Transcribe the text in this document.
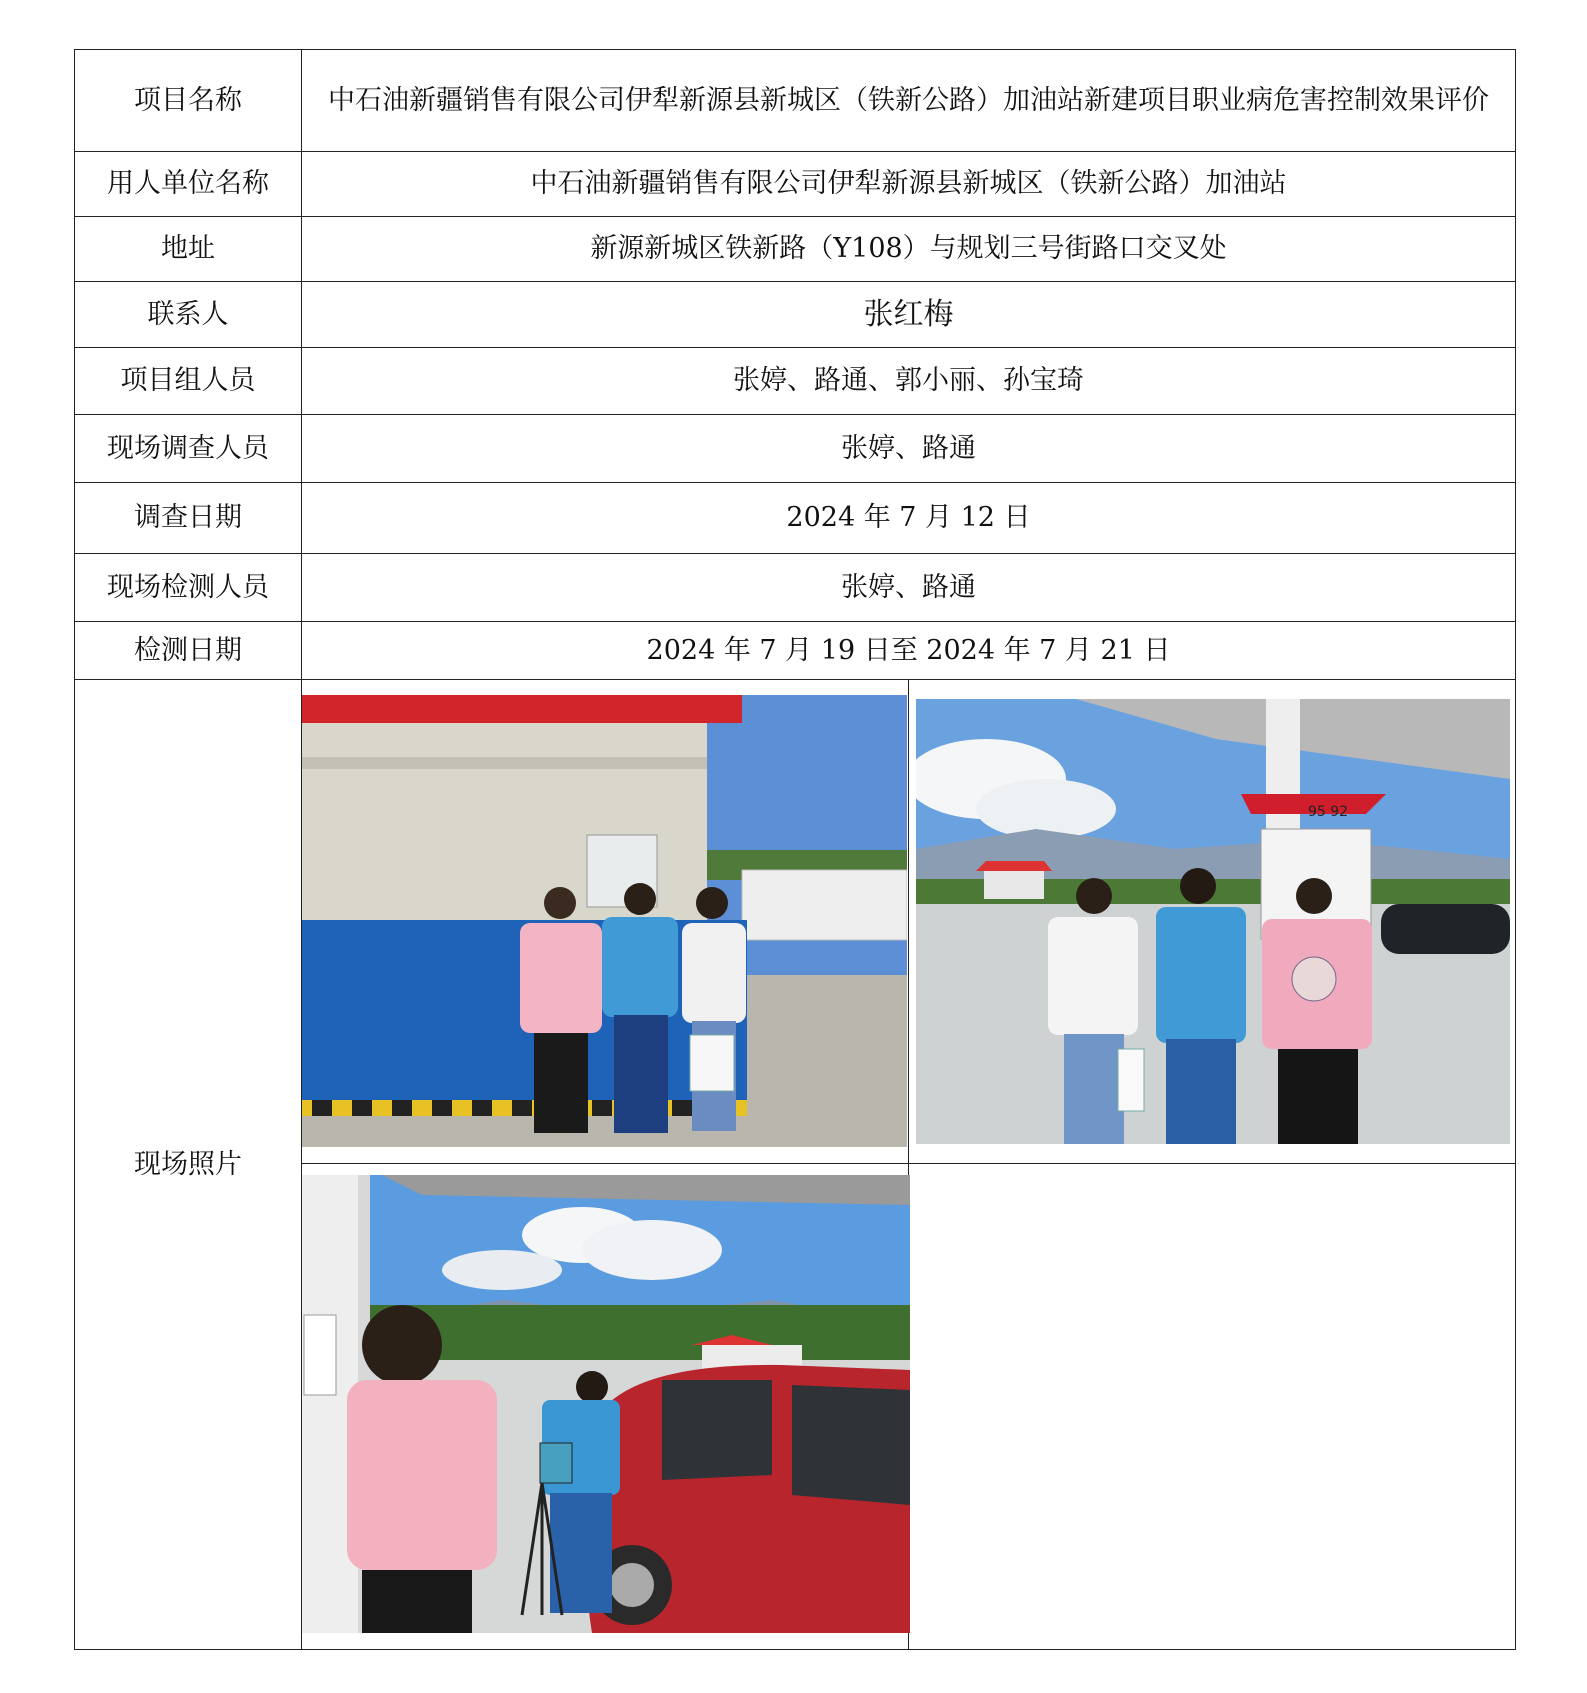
项目名称	中石油新疆销售有限公司伊犁新源县新城区（铁新公路）加油站新建项目职业病危害控制效果评价	
用人单位名称	中石油新疆销售有限公司伊犁新源县新城区（铁新公路）加油站	
地址	新源新城区铁新路（Y108）与规划三号街路口交叉处	
联系人	张红梅	
项目组人员	张婷、路通、郭小丽、孙宝琦	
现场调查人员	张婷、路通	
调查日期	2024 年 7 月 12 日	
现场检测人员	张婷、路通	
检测日期	2024 年 7 月 19 日至 2024 年 7 月 21 日	
现场照片		95 92
